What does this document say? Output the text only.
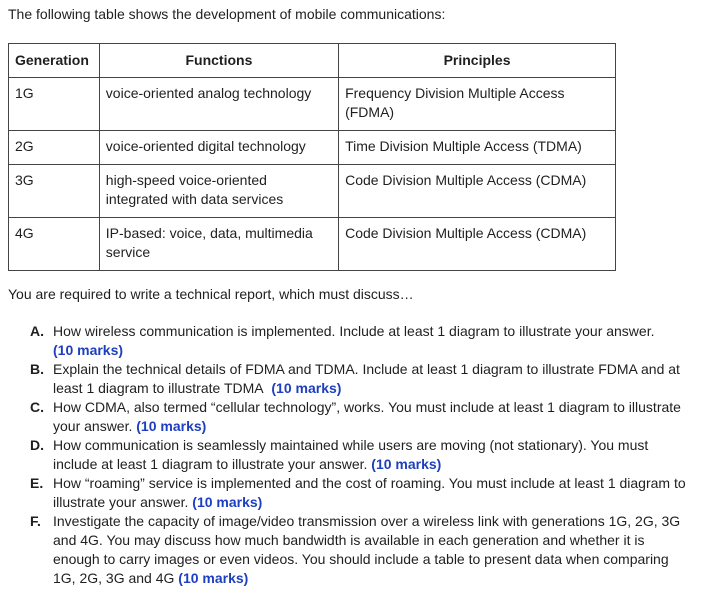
The following table shows the development of mobile communications:
Generation	Functions	Principles
1G	voice-oriented analog technology	Frequency Division Multiple Access (FDMA)
2G	voice-oriented digital technology	Time Division Multiple Access (TDMA)
3G	high-speed voice-oriented integrated with data services	Code Division Multiple Access (CDMA)
4G	IP-based: voice, data, multimedia service	Code Division Multiple Access (CDMA)
You are required to write a technical report, which must discuss…
A. How wireless communication is implemented. Include at least 1 diagram to illustrate your answer.
(10 marks)
B. Explain the technical details of FDMA and TDMA. Include at least 1 diagram to illustrate FDMA and at least 1 diagram to illustrate TDMA (10 marks)
C. How CDMA, also termed “cellular technology”, works. You must include at least 1 diagram to illustrate your answer. (10 marks)
D. How communication is seamlessly maintained while users are moving (not stationary). You must include at least 1 diagram to illustrate your answer. (10 marks)
E. How “roaming” service is implemented and the cost of roaming. You must include at least 1 diagram to illustrate your answer. (10 marks)
F. Investigate the capacity of image/video transmission over a wireless link with generations 1G, 2G, 3G and 4G. You may discuss how much bandwidth is available in each generation and whether it is enough to carry images or even videos. You should include a table to present data when comparing 1G, 2G, 3G and 4G (10 marks)
